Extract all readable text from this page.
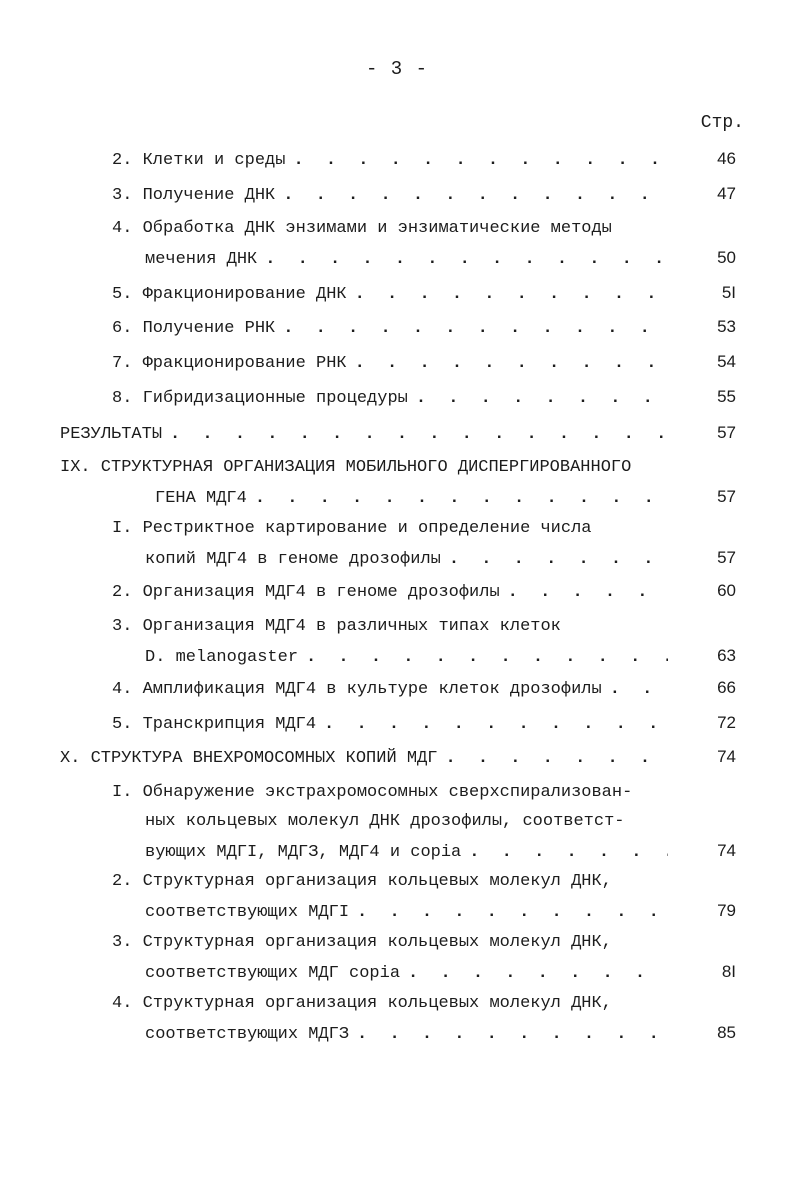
- 3 -
Стр.
2. Клетки и среды . . .	46
3. Получение ДНК . . .	47
4. Обработка ДНК энзимами и энзиматические методы
мечения ДНК . . .	50
5. Фракционирование ДНК . . .	5I
6. Получение РНК . . .	53
7. Фракционирование РНК . . .	54
8. Гибридизационные процедуры . . .	55
РЕЗУЛЬТАТЫ . . .	57
IX. СТРУКТУРНАЯ ОРГАНИЗАЦИЯ МОБИЛЬНОГО ДИСПЕРГИРОВАННОГО
ГЕНА МДГ4 . . .	57
I. Рестриктное картирование и определение числа
копий МДГ4 в геноме дрозофилы . . .	57
2. Организация МДГ4 в геноме дрозофилы . . .	60
3. Организация МДГ4 в различных типах клеток
D. melanogaster . . .	63
4. Амплификация МДГ4 в культуре клеток дрозофилы . . .	66
5. Транскрипция МДГ4 . . .	72
X. СТРУКТУРА ВНЕХРОМОСОМНЫХ КОПИЙ МДГ . . .	74
I. Обнаружение экстрахромосомных сверхспирализован-
ных кольцевых молекул ДНК дрозофилы, соответст-
вующих МДГI, МДГЗ, МДГ4 и copia . . .	74
2. Структурная организация кольцевых молекул ДНК,
соответствующих МДГI . . .	79
3. Структурная организация кольцевых молекул ДНК,
соответствующих МДГ copia . . .	8I
4. Структурная организация кольцевых молекул ДНК,
соответствующих МДГЗ . . .	85
